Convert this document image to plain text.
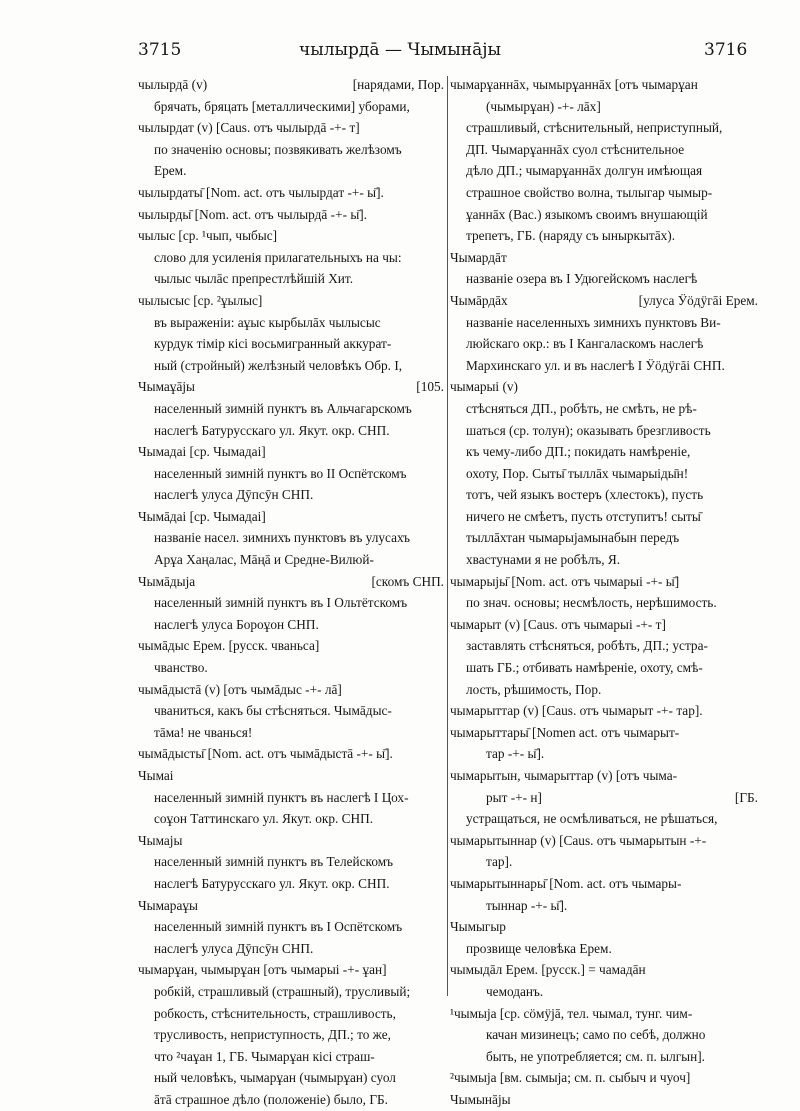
3715	чылырдā — Чымынājы	3716
чылырдā (v)	[нарядами, Пор.
брячать, бряцать [металлическими] уборами,
чылырдат (v) [Caus. отъ чылырдā -+- т]
по значенiю основы; позвякивать желѣзомъ
Ерем.
чылырдаты̄ [Nom. act. отъ чылырдат -+- ы̄].
чылырды̄ [Nom. act. отъ чылырдā -+- ы̄].
чылыс [ср. ¹чып, чыбыс]
слово для усиленiя прилагательныхъ на чы:
чылыс чылāс препрестлѣйшiй Хит.
чылысыс [ср. ²ұылыс]
въ выраженiи: аұыс кырбылāх чылысыс
курдук тiмiр кiсi восьмигранный аккурат-
ный (стройный) желѣзный человѣкъ Обр. I,
Чымаұājы	[105.
населенный зимнiй пунктъ въ Альчагарскомъ
наслегѣ Батурусскаго ул. Якут. окр. СНП.
Чымадаі [ср. Чымадаі]
населенный зимнiй пунктъ во II Оспётскомъ
наслегѣ улуса Дӯпсӯн СНП.
Чымāдаі [ср. Чымадаі]
названiе насел. зимнихъ пунктовъ въ улусахъ
Арұа Хаңалас, Мāңā и Средне-Вилюй-
Чымāдыја	[скомъ СНП.
населенный зимнiй пунктъ въ I Ольтётскомъ
наслегѣ улуса Бороұон СНП.
чымāдыс Ерем. [русск. чваньса]
чванство.
чымāдыстā (v) [отъ чымāдыс -+- лā]
чваниться, какъ бы стѣсняться. Чымāдыс-
тāма! не чванься!
чымāдысты̄ [Nom. act. отъ чымāдыстā -+- ы̄].
Чымаі
населенный зимнiй пунктъ въ наслегѣ I Цох-
соұон Таттинскаго ул. Якут. окр. СНП.
Чымајы
населенный зимнiй пунктъ въ Телейскомъ
наслегѣ Батурусскаго ул. Якут. окр. СНП.
Чымараұы
населенный зимнiй пунктъ въ I Оспётскомъ
наслегѣ улуса Дӯпсӯн СНП.
чымарұан, чымырұан [отъ чымарыі -+- ұан]
робкiй, страшливый (страшный), трусливый;
робкость, стѣснительность, страшливость,
трусливость, неприступность, ДП.; то же,
что ²чаұан 1, ГБ. Чымарұан кiсi страш-
ный человѣкъ, чымарұан (чымырұан) суол
āтā страшное дѣло (положенiе) было, ГБ.
чымарұаннāх, чымырұаннāх [отъ чымарұан
(чымырұан) -+- лāх]
страшливый, стѣснительный, неприступный,
ДП. Чымарұаннāх суол стѣснительное
дѣло ДП.; чымарұаннāх долгун имѣющая
страшное свойство волна, тылыгар чымыр-
ұаннāх (Вас.) языкомъ своимъ внушающiй
трепетъ, ГБ. (наряду съ ыныркытāх).
Чымардāт
названiе озера въ I Удюгейскомъ наслегѣ
Чымāрдāх	[улуса Ӱӧдӱгāі Ерем.
названiе населенныхъ зимнихъ пунктовъ Ви-
люйскаго окр.: въ I Кангаласкомъ наслегѣ
Мархинскаго ул. и въ наслегѣ I Ӱӧдӱгāі СНП.
чымарыі (v)
стѣсняться ДП., робѣть, не смѣть, не рѣ-
шаться (ср. толун); оказывать брезгливость
къ чему-либо ДП.; покидать намѣренiе,
охоту, Пор. Сыты̄ тыллāх чымарыіды̄н!
тотъ, чей языкъ востеръ (хлестокъ), пусть
ничего не смѣетъ, пусть отступитъ! сыты̄
тыллāхтан чымарыјамынабын передъ
хвастунами я не робѣлъ, Я.
чымарыјы̄ [Nom. act. отъ чымарыі -+- ы̄]
по знач. основы; несмѣлость, нерѣшимость.
чымарыт (v) [Caus. отъ чымарыі -+- т]
заставлять стѣсняться, робѣть, ДП.; устра-
шать ГБ.; отбивать намѣренiе, охоту, смѣ-
лость, рѣшимость, Пор.
чымарыттар (v) [Caus. отъ чымарыт -+- тар].
чымарыттары̄ [Nomen act. отъ чымарыт-
тар -+- ы̄].
чымарытын, чымарыттар (v) [отъ чыма-
рыт -+- н]	[ГБ.
устращаться, не осмѣливаться, не рѣшаться,
чымарытыннар (v) [Caus. отъ чымарытын -+-
тар].
чымарытыннары̄ [Nom. act. отъ чымары-
тыннар -+- ы̄].
Чымыгыр
прозвище человѣка Ерем.
чымыдāл Ерем. [русск.] = чамадāн
чемоданъ.
¹чымыја [ср. сӧмӱјā, тел. чымал, тунг. чим-
качан мизинецъ; само по себѣ, должно
быть, не употребляется; см. п. ылгын].
²чымыја [вм. сымыја; см. п. сыбыч и чуоч]
Чымынājы
